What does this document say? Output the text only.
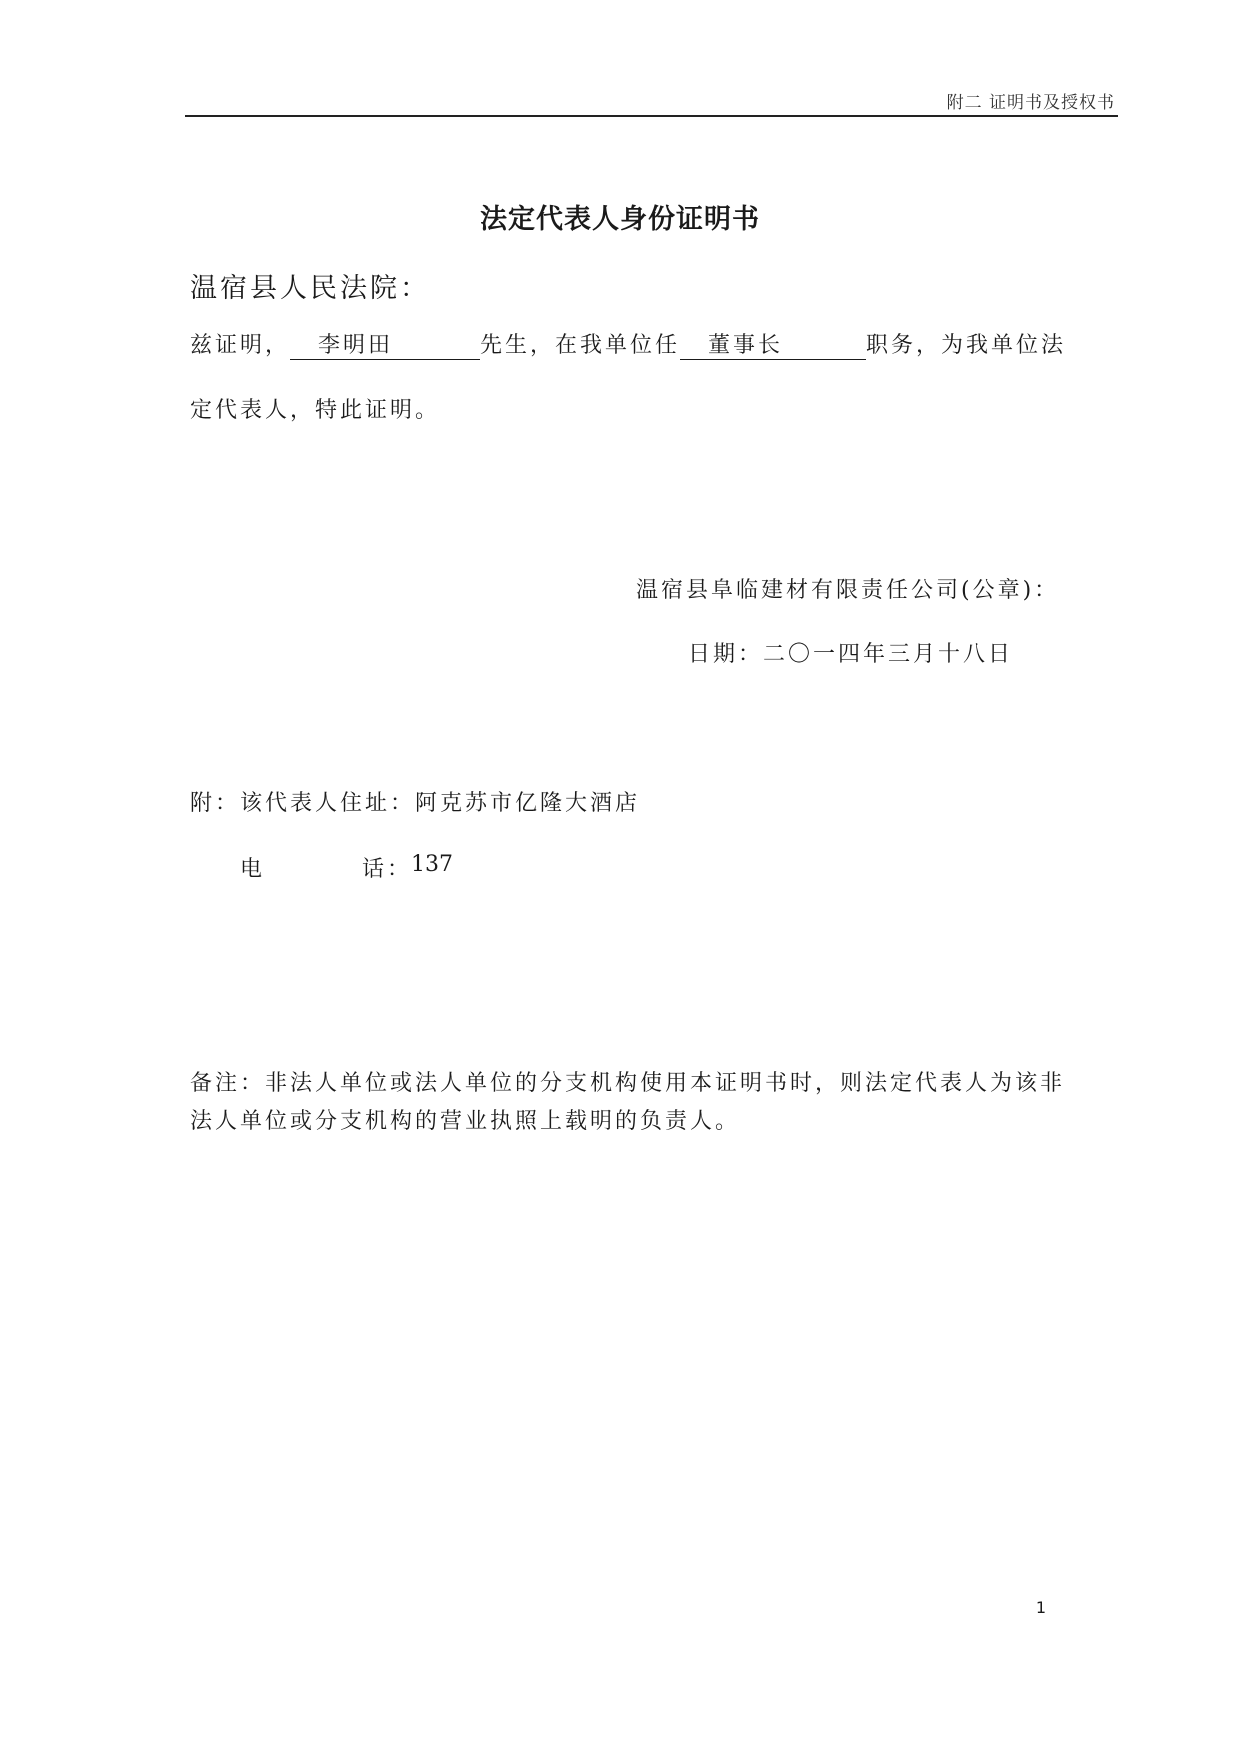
附二 证明书及授权书
法定代表人身份证明书
温宿县人民法院：
兹证明， 李明田	先生，在我单位任 董事长	职务，为我单位法
定代表人，特此证明。
温宿县阜临建材有限责任公司(公章)：
日期：二〇一四年三月十八日
附：该代表人住址：阿克苏市亿隆大酒店
电	话：
137
备注：非法人单位或法人单位的分支机构使用本证明书时，则法定代表人为该非
法人单位或分支机构的营业执照上载明的负责人。
1
